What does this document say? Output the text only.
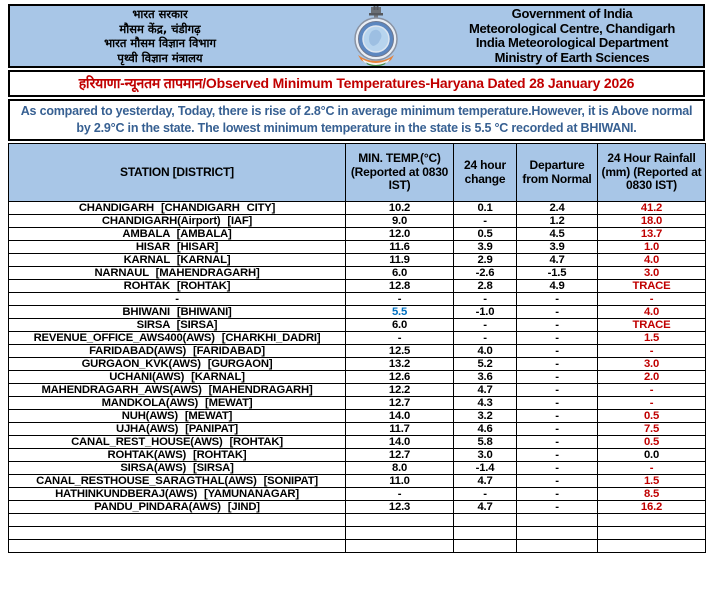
भारत सरकार
मौसम केंद्र, चंडीगढ़
भारत मौसम विज्ञान विभाग
पृथ्वी विज्ञान मंत्रालय
Government of India
Meteorological Centre, Chandigarh
India Meteorological Department
Ministry of Earth Sciences
हरियाणा-न्यूनतम तापमान/Observed Minimum Temperatures-Haryana Dated 28 January 2026
As compared to yesterday, Today, there is rise of 2.8°C in average minimum temperature.However, it is Above normal by 2.9°C in the state. The lowest minimum temperature in the state is 5.5 °C recorded at BHIWANI.
STATION [DISTRICT]	MIN. TEMP.(°C) (Reported at 0830 IST)	24 hour change	Departure from Normal	24 Hour Rainfall (mm) (Reported at 0830 IST)
CHANDIGARH [CHANDIGARH CITY]	10.2	0.1	2.4	41.2
CHANDIGARH(Airport) [IAF]	9.0	-	1.2	18.0
AMBALA [AMBALA]	12.0	0.5	4.5	13.7
HISAR [HISAR]	11.6	3.9	3.9	1.0
KARNAL [KARNAL]	11.9	2.9	4.7	4.0
NARNAUL [MAHENDRAGARH]	6.0	-2.6	-1.5	3.0
ROHTAK [ROHTAK]	12.8	2.8	4.9	TRACE
-	-	-	-	-
BHIWANI [BHIWANI]	5.5	-1.0	-	4.0
SIRSA [SIRSA]	6.0	-	-	TRACE
REVENUE_OFFICE_AWS400(AWS) [CHARKHI_DADRI]	-	-	-	1.5
FARIDABAD(AWS) [FARIDABAD]	12.5	4.0	-	-
GURGAON_KVK(AWS) [GURGAON]	13.2	5.2	-	3.0
UCHANI(AWS) [KARNAL]	12.6	3.6	-	2.0
MAHENDRAGARH_AWS(AWS) [MAHENDRAGARH]	12.2	4.7	-	-
MANDKOLA(AWS) [MEWAT]	12.7	4.3	-	-
NUH(AWS) [MEWAT]	14.0	3.2	-	0.5
UJHA(AWS) [PANIPAT]	11.7	4.6	-	7.5
CANAL_REST_HOUSE(AWS) [ROHTAK]	14.0	5.8	-	0.5
ROHTAK(AWS) [ROHTAK]	12.7	3.0	-	0.0
SIRSA(AWS) [SIRSA]	8.0	-1.4	-	-
CANAL_RESTHOUSE_SARAGTHAL(AWS) [SONIPAT]	11.0	4.7	-	1.5
HATHINKUNDBERAJ(AWS) [YAMUNANAGAR]	-	-	-	8.5
PANDU_PINDARA(AWS) [JIND]	12.3	4.7	-	16.2
